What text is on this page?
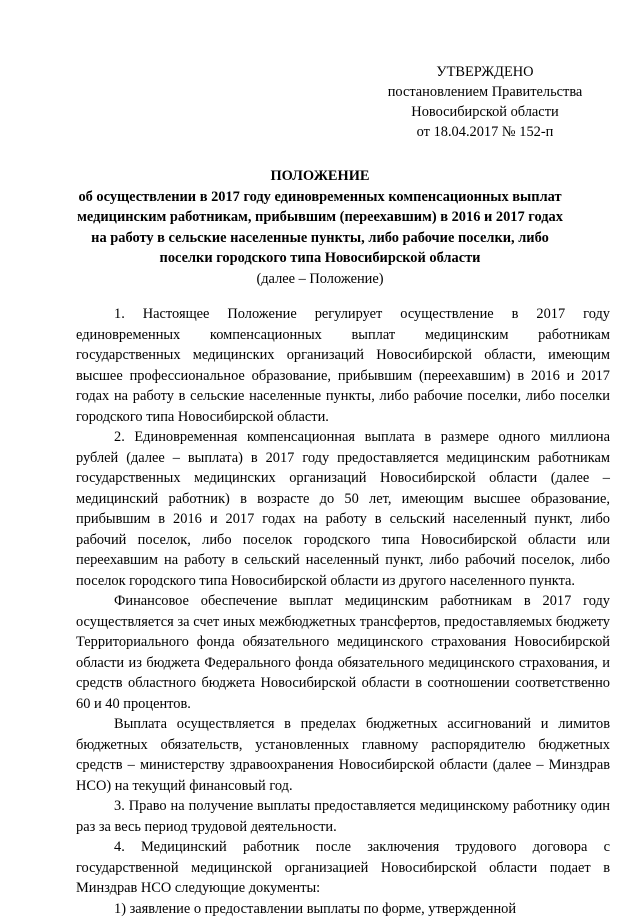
УТВЕРЖДЕНО
постановлением Правительства
Новосибирской области
от 18.04.2017 № 152-п
ПОЛОЖЕНИЕ
об осуществлении в 2017 году единовременных компенсационных выплат
медицинским работникам, прибывшим (переехавшим) в 2016 и 2017 годах
на работу в сельские населенные пункты, либо рабочие поселки, либо
поселки городского типа Новосибирской области
(далее – Положение)

1. Настоящее Положение регулирует осуществление в 2017 году единовременных компенсационных выплат медицинским работникам государственных медицинских организаций Новосибирской области, имеющим высшее профессиональное образование, прибывшим (переехавшим) в 2016 и 2017 годах на работу в сельские населенные пункты, либо рабочие поселки, либо поселки городского типа Новосибирской области.

2. Единовременная компенсационная выплата в размере одного миллиона рублей (далее – выплата) в 2017 году предоставляется медицинским работникам государственных медицинских организаций Новосибирской области (далее – медицинский работник) в возрасте до 50 лет, имеющим высшее образование, прибывшим в 2016 и 2017 годах на работу в сельский населенный пункт, либо рабочий поселок, либо поселок городского типа Новосибирской области или переехавшим на работу в сельский населенный пункт, либо рабочий поселок, либо поселок городского типа Новосибирской области из другого населенного пункта.

Финансовое обеспечение выплат медицинским работникам в 2017 году осуществляется за счет иных межбюджетных трансфертов, предоставляемых бюджету Территориального фонда обязательного медицинского страхования Новосибирской области из бюджета Федерального фонда обязательного медицинского страхования, и средств областного бюджета Новосибирской области в соотношении соответственно 60 и 40 процентов.

Выплата осуществляется в пределах бюджетных ассигнований и лимитов бюджетных обязательств, установленных главному распорядителю бюджетных средств – министерству здравоохранения Новосибирской области (далее – Минздрав НСО) на текущий финансовый год.

3. Право на получение выплаты предоставляется медицинскому работнику один раз за весь период трудовой деятельности.

4. Медицинский работник после заключения трудового договора с государственной медицинской организацией Новосибирской области подает в Минздрав НСО следующие документы:

1) заявление о предоставлении выплаты по форме, утвержденной
